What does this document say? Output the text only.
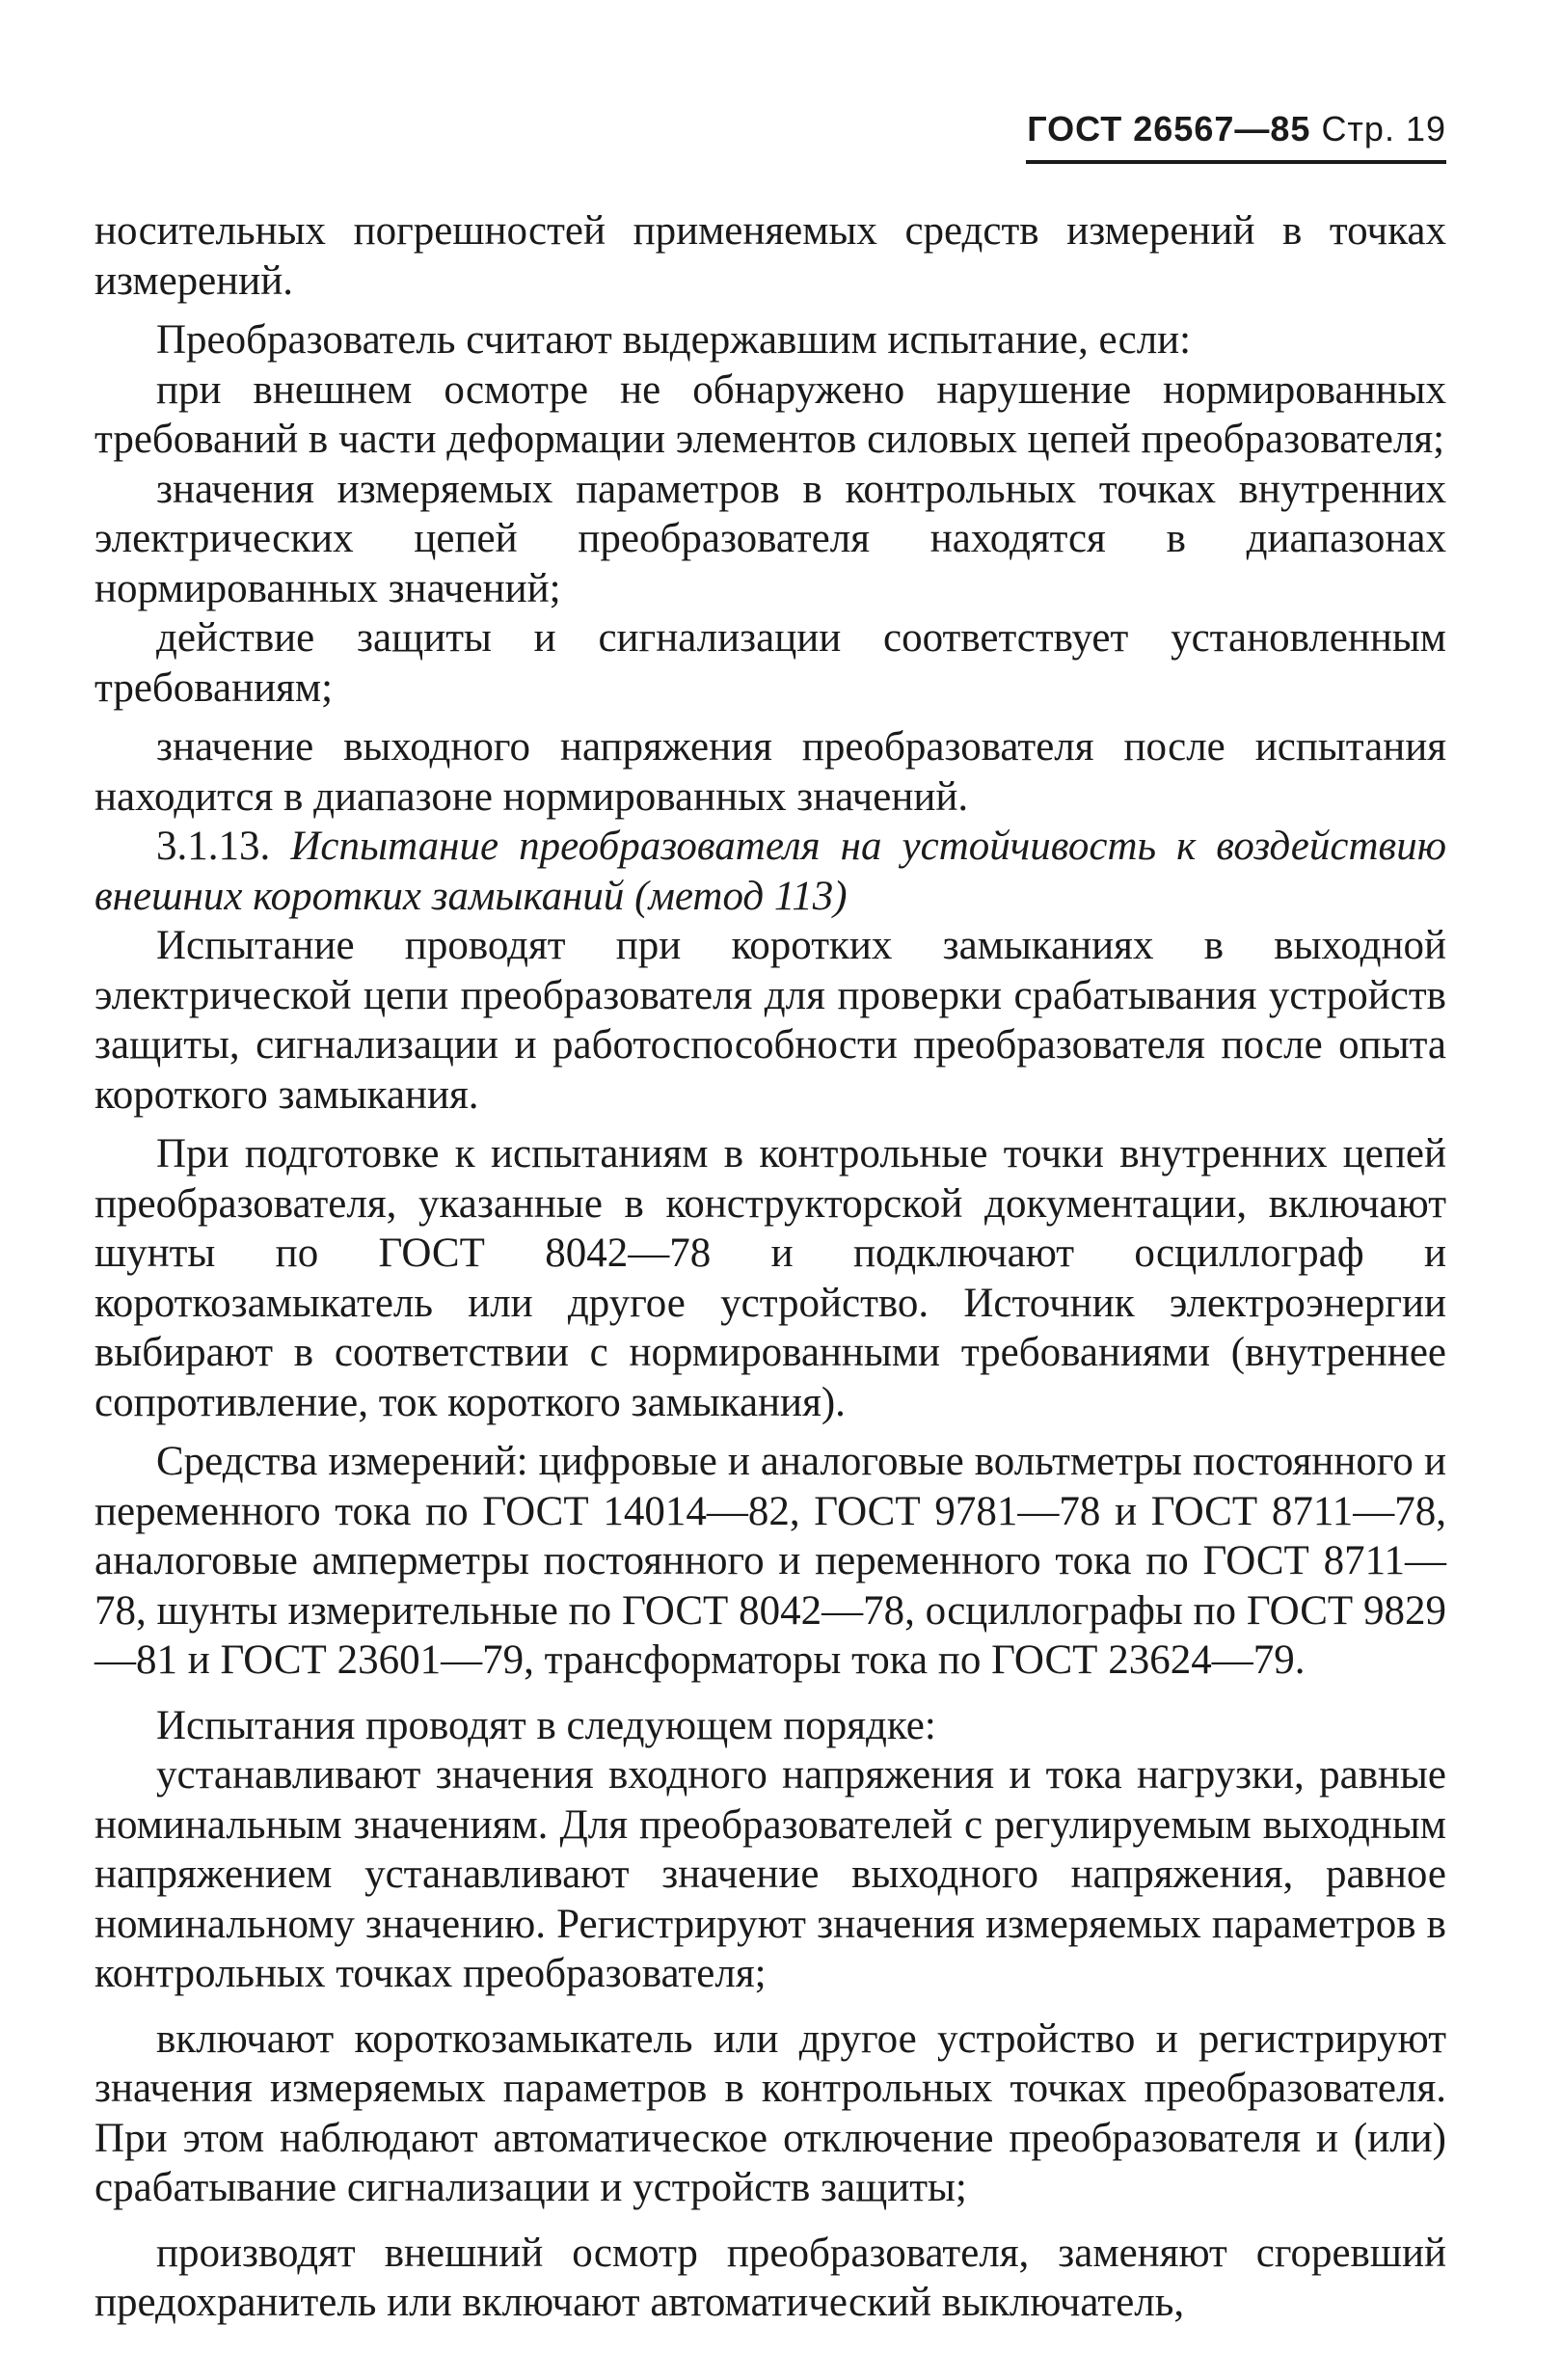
ГОСТ 26567—85 Стр. 19

носительных погрешностей применяемых средств измерений в точках измерений.

Преобразователь считают выдержавшим испытание, если:

при внешнем осмотре не обнаружено нарушение нормированных требований в части деформации элементов силовых цепей преобразователя;

значения измеряемых параметров в контрольных точках внутренних электрических цепей преобразователя находятся в диапазонах нормированных значений;

действие защиты и сигнализации соответствует установленным требованиям;

значение выходного напряжения преобразователя после испытания находится в диапазоне нормированных значений.

3.1.13. Испытание преобразователя на устойчивость к воздействию внешних коротких замыканий (метод 113)

Испытание проводят при коротких замыканиях в выходной электрической цепи преобразователя для проверки срабатывания устройств защиты, сигнализации и работоспособности преобразователя после опыта короткого замыкания.

При подготовке к испытаниям в контрольные точки внутренних цепей преобразователя, указанные в конструкторской документации, включают шунты по ГОСТ 8042—78 и подключают осциллограф и короткозамыкатель или другое устройство. Источник электроэнергии выбирают в соответствии с нормированными требованиями (внутреннее сопротивление, ток короткого замыкания).

Средства измерений: цифровые и аналоговые вольтметры постоянного и переменного тока по ГОСТ 14014—82, ГОСТ 9781—78 и ГОСТ 8711—78, аналоговые амперметры постоянного и переменного тока по ГОСТ 8711—78, шунты измерительные по ГОСТ 8042—78, осциллографы по ГОСТ 9829—81 и ГОСТ 23601—79, трансформаторы тока по ГОСТ 23624—79.

Испытания проводят в следующем порядке:

устанавливают значения входного напряжения и тока нагрузки, равные номинальным значениям. Для преобразователей с регулируемым выходным напряжением устанавливают значение выходного напряжения, равное номинальному значению. Регистрируют значения измеряемых параметров в контрольных точках преобразователя;

включают короткозамыкатель или другое устройство и регистрируют значения измеряемых параметров в контрольных точках преобразователя. При этом наблюдают автоматическое отключение преобразователя и (или) срабатывание сигнализации и устройств защиты;

производят внешний осмотр преобразователя, заменяют сгоревший предохранитель или включают автоматический выключатель,
